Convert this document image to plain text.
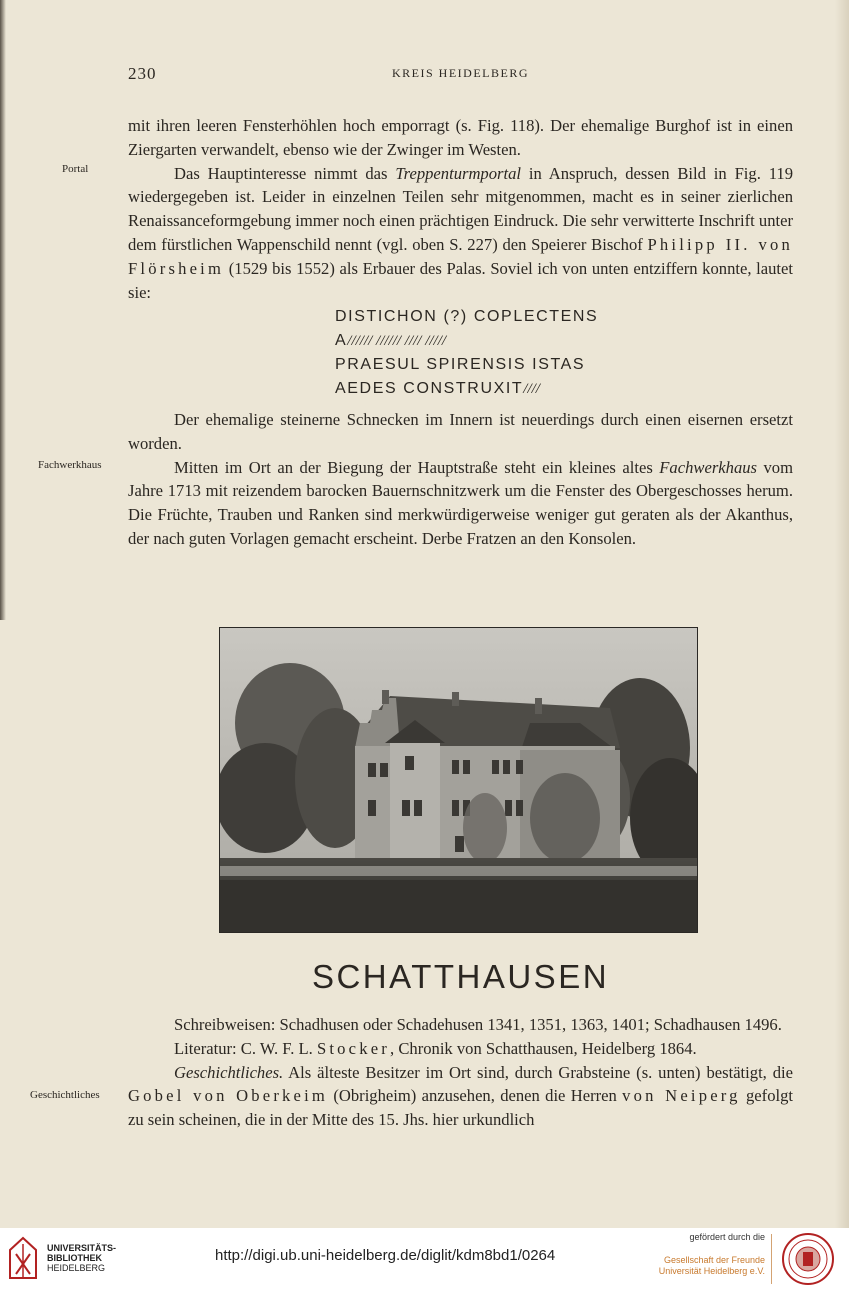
230	KREIS HEIDELBERG
Portal
Fachwerkhaus
Geschichtliches

mit ihren leeren Fensterhöhlen hoch emporragt (s. Fig. 118). Der ehemalige Burghof ist in einen Ziergarten verwandelt, ebenso wie der Zwinger im Westen.

Das Hauptinteresse nimmt das Treppenturmportal in Anspruch, dessen Bild in Fig. 119 wiedergegeben ist. Leider in einzelnen Teilen sehr mitgenommen, macht es in seiner zierlichen Renaissanceformgebung immer noch einen prächtigen Eindruck. Die sehr verwitterte Inschrift unter dem fürstlichen Wappenschild nennt (vgl. oben S. 227) den Speierer Bischof Philipp II. von Flörsheim (1529 bis 1552) als Erbauer des Palas. Soviel ich von unten entziffern konnte, lautet sie:

DISTICHON (?) COPLECTENS
A////// ////// //// /////
PRAESUL SPIRENSIS ISTAS
AEDES CONSTRUXIT////

Der ehemalige steinerne Schnecken im Innern ist neuerdings durch einen eisernen ersetzt worden.

Mitten im Ort an der Biegung der Hauptstraße steht ein kleines altes Fachwerkhaus vom Jahre 1713 mit reizendem barocken Bauernschnitzwerk um die Fenster des Obergeschosses herum. Die Früchte, Trauben und Ranken sind merkwürdigerweise weniger gut geraten als der Akanthus, der nach guten Vorlagen gemacht erscheint. Derbe Fratzen an den Konsolen.

SCHATTHAUSEN

Schreibweisen: Schadhusen oder Schadehusen 1341, 1351, 1363, 1401; Schadhausen 1496.

Literatur: C. W. F. L. Stocker, Chronik von Schatthausen, Heidelberg 1864.

Geschichtliches. Als älteste Besitzer im Ort sind, durch Grabsteine (s. unten) bestätigt, die Gobel von Oberkeim (Obrigheim) anzusehen, denen die Herren von Neiperg gefolgt zu sein scheinen, die in der Mitte des 15. Jhs. hier urkundlich

UNIVERSITÄTS-
BIBLIOTHEK
HEIDELBERG
http://digi.ub.uni-heidelberg.de/diglit/kdm8bd1/0264
gefördert durch die
Gesellschaft der Freunde
Universität Heidelberg e.V.
